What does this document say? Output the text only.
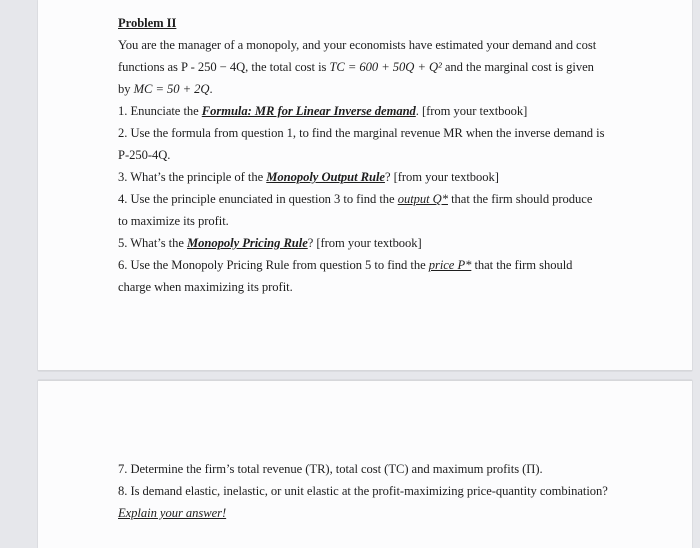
Problem II
You are the manager of a monopoly, and your economists have estimated your demand and cost
functions as P - 250 − 4Q, the total cost is TC = 600 + 50Q + Q² and the marginal cost is given
by MC = 50 + 2Q.
1. Enunciate the Formula: MR for Linear Inverse demand. [from your textbook]
2. Use the formula from question 1, to find the marginal revenue MR when the inverse demand is
P-250-4Q.
3. What’s the principle of the Monopoly Output Rule? [from your textbook]
4. Use the principle enunciated in question 3 to find the output Q* that the firm should produce
to maximize its profit.
5. What’s the Monopoly Pricing Rule? [from your textbook]
6. Use the Monopoly Pricing Rule from question 5 to find the price P* that the firm should
charge when maximizing its profit.
7. Determine the firm’s total revenue (TR), total cost (TC) and maximum profits (Π).
8. Is demand elastic, inelastic, or unit elastic at the profit-maximizing price-quantity combination?
Explain your answer!
